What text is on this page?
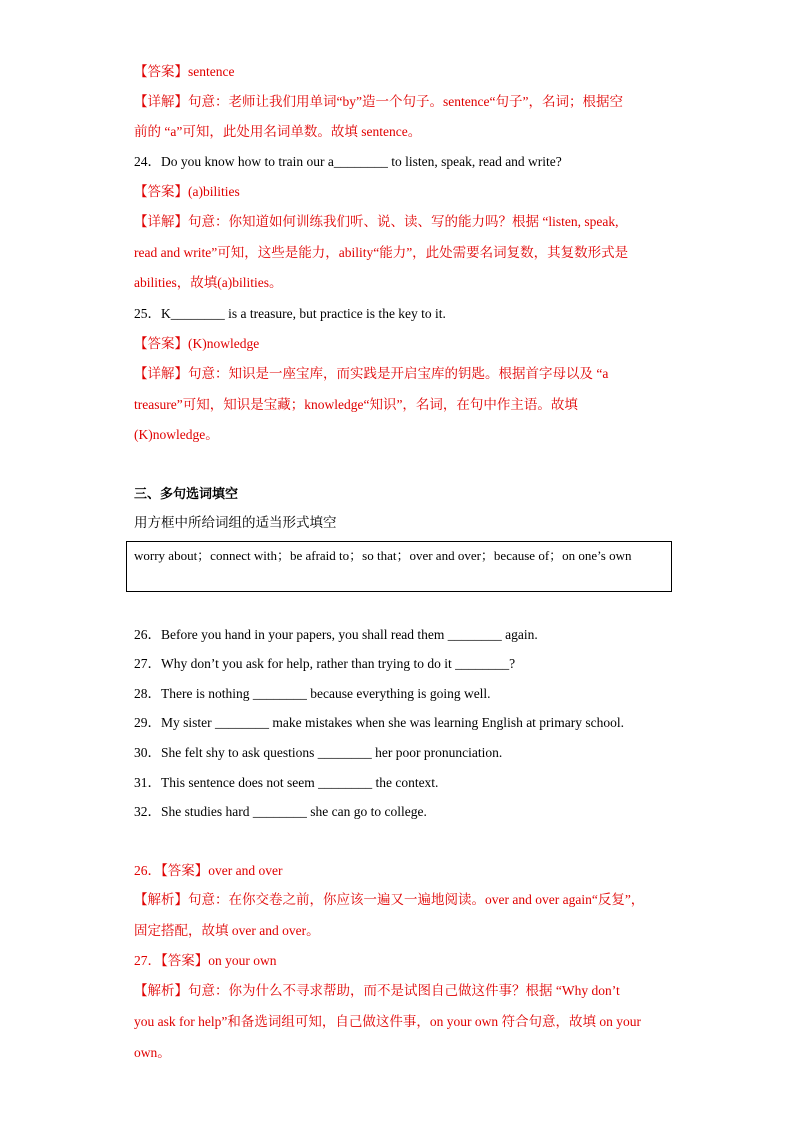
【答案】sentence
【详解】句意：老师让我们用单词“by”造一个句子。sentence“句子”，名词；根据空
前的 “a”可知，此处用名词单数。故填 sentence。
24．Do you know how to train our a________ to listen, speak, read and write?
【答案】(a)bilities
【详解】句意：你知道如何训练我们听、说、读、写的能力吗？根据 “listen, speak,
read and write”可知，这些是能力，ability“能力”，此处需要名词复数，其复数形式是
abilities，故填(a)bilities。
25．K________ is a treasure, but practice is the key to it.
【答案】(K)nowledge
【详解】句意：知识是一座宝库，而实践是开启宝库的钥匙。根据首字母以及 “a
treasure”可知，知识是宝藏；knowledge“知识”，名词，在句中作主语。故填
(K)nowledge。
三、多句选词填空
用方框中所给词组的适当形式填空
worry about；connect with；be afraid to；so that；over and over；because of；on one’s own
26．Before you hand in your papers, you shall read them ________ again.
27．Why don’t you ask for help, rather than trying to do it ________?
28．There is nothing ________ because everything is going well.
29．My sister ________ make mistakes when she was learning English at primary school.
30．She felt shy to ask questions ________ her poor pronunciation.
31．This sentence does not seem ________ the context.
32．She studies hard ________ she can go to college.
26．【答案】over and over
【解析】句意：在你交卷之前，你应该一遍又一遍地阅读。over and over again“反复”，
固定搭配，故填 over and over。
27．【答案】on your own
【解析】句意：你为什么不寻求帮助，而不是试图自己做这件事？根据 “Why don’t
you ask for help”和备选词组可知，自己做这件事，on your own 符合句意，故填 on your
own。
